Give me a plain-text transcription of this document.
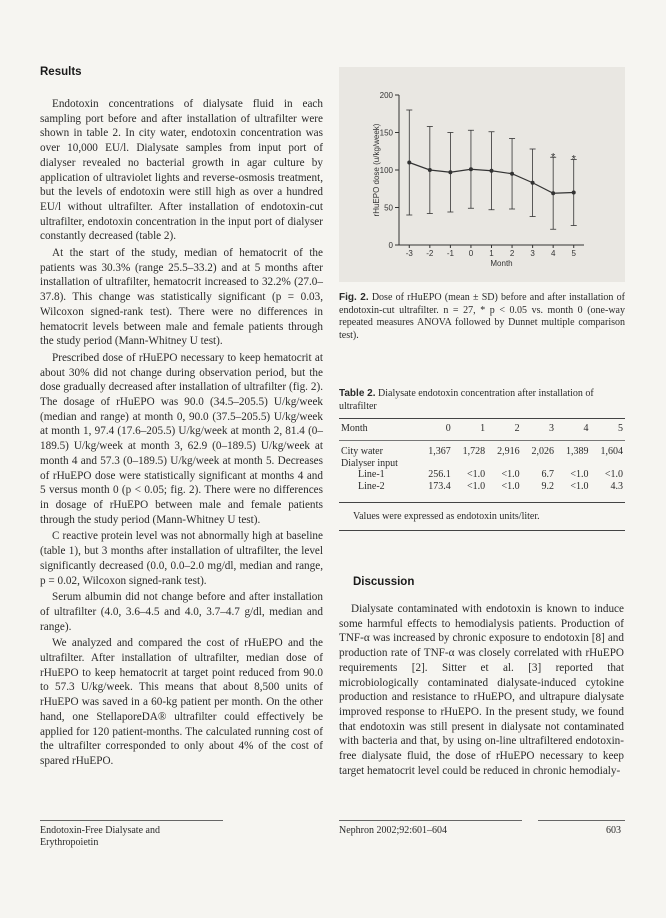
Results

Endotoxin concentrations of dialysate fluid in each sampling port before and after installation of ultrafilter were shown in table 2. In city water, endotoxin concentration was over 10,000 EU/l. Dialysate samples from input port of dialyser revealed no bacterial growth in agar culture by application of ultraviolet lights and reverse-osmosis treatment, but the levels of endotoxin were still high as over a hundred EU/l without ultrafilter. After installation of endotoxin-cut ultrafilter, endotoxin concentration in the input port of dialyser constantly decreased (table 2).

At the start of the study, median of hematocrit of the patients was 30.3% (range 25.5–33.2) and at 5 months after installation of ultrafilter, hematocrit increased to 32.2% (27.0–37.8). This change was statistically significant (p = 0.03, Wilcoxon signed-rank test). There were no differences in hematocrit levels between male and female patients through the study period (Mann-Whitney U test).

Prescribed dose of rHuEPO necessary to keep hematocrit at about 30% did not change during observation period, but the dose gradually decreased after installation of ultrafilter (fig. 2). The dosage of rHuEPO was 90.0 (34.5–205.5) U/kg/week (median and range) at month 0, 90.0 (37.5–205.5) U/kg/week at month 1, 97.4 (17.6–205.5) U/kg/week at month 2, 81.4 (0–189.5) U/kg/week at month 3, 62.9 (0–189.5) U/kg/week at month 4 and 57.3 (0–189.5) U/kg/week at month 5. Decreases of rHuEPO dose were statistically significant at months 4 and 5 versus month 0 (p < 0.05; fig. 2). There were no differences in dosage of rHuEPO between male and female patients through the study period (Mann-Whitney U test).

C reactive protein level was not abnormally high at baseline (table 1), but 3 months after installation of ultrafilter, the level significantly decreased (0.0, 0.0–2.0 mg/dl, median and range, p = 0.02, Wilcoxon signed-rank test).

Serum albumin did not change before and after installation of ultrafilter (4.0, 3.6–4.5 and 4.0, 3.7–4.7 g/dl, median and range).

We analyzed and compared the cost of rHuEPO and the ultrafilter. After installation of ultrafilter, median dose of rHuEPO to keep hematocrit at target point reduced from 90.0 to 57.3 U/kg/week. This means that about 8,500 units of rHuEPO was saved in a 60-kg patient per month. On the other hand, one StellaporeDA® ultrafilter could effectively be applied for 120 patient-months. The calculated running cost of the ultrafilter corresponded to only about 4% of the cost of spared rHuEPO.

0
50
100
150
200
-3 -2 -1 0 1 2 3 4 5
Month
rHuEPO dose (u/kg/week)	* *
Fig. 2. Dose of rHuEPO (mean ± SD) before and after installation of endotoxin-cut ultrafilter. n = 27, * p < 0.05 vs. month 0 (one-way repeated measures ANOVA followed by Dunnet multiple comparison test).
Table 2. Dialysate endotoxin concentration after installation of ultrafilter
Month	0	1	2	3	4	5

City water	1,367	1,728	2,916	2,026	1,389	1,604
Dialyser input						
Line-1	256.1	<1.0	<1.0	6.7	<1.0	<1.0
Line-2	173.4	<1.0	<1.0	9.2	<1.0	4.3
Values were expressed as endotoxin units/liter.
Discussion

Dialysate contaminated with endotoxin is known to induce some harmful effects to hemodialysis patients. Production of TNF-α was increased by chronic exposure to endotoxin [8] and production rate of TNF-α was closely correlated with rHuEPO requirements [2]. Sitter et al. [3] reported that microbiologically contaminated dialysate-induced cytokine production and resistance to rHuEPO, and ultrapure dialysate improved response to rHuEPO. In the present study, we found that endotoxin was still present in dialysate not contaminated with bacteria and that, by using on-line ultrafiltered endotoxin-free dialysate fluid, the dose of rHuEPO necessary to keep target hematocrit level could be reduced in chronic hemodialy-

Endotoxin-Free Dialysate and
Erythropoietin
Nephron 2002;92:601–604	603
